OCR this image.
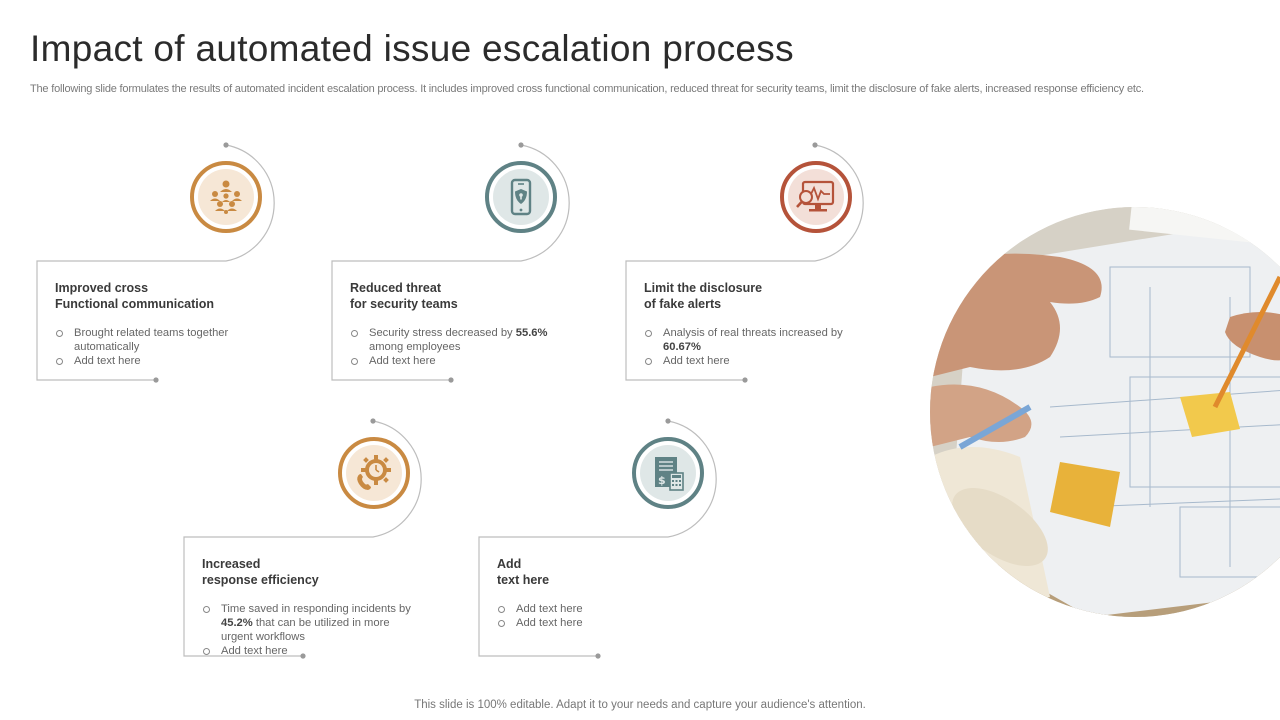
Impact of automated issue escalation process
The following slide formulates the results of automated incident escalation process. It includes improved cross functional communication, reduced threat for security teams, limit the disclosure of fake alerts, increased response efficiency etc.
Improved cross
Functional communication
Brought related teams together automatically
Add text here
Reduced threat
for security teams
Security stress decreased by 55.6% among employees
Add text here
Limit the disclosure
of fake alerts
Analysis of real threats increased by 60.67%
Add text here
Increased
response efficiency
Time saved in responding incidents by 45.2% that can be utilized in more urgent workflows
Add text here
$
Add
text here
Add text here
Add text here
This slide is 100% editable. Adapt it to your needs and capture your audience's attention.
